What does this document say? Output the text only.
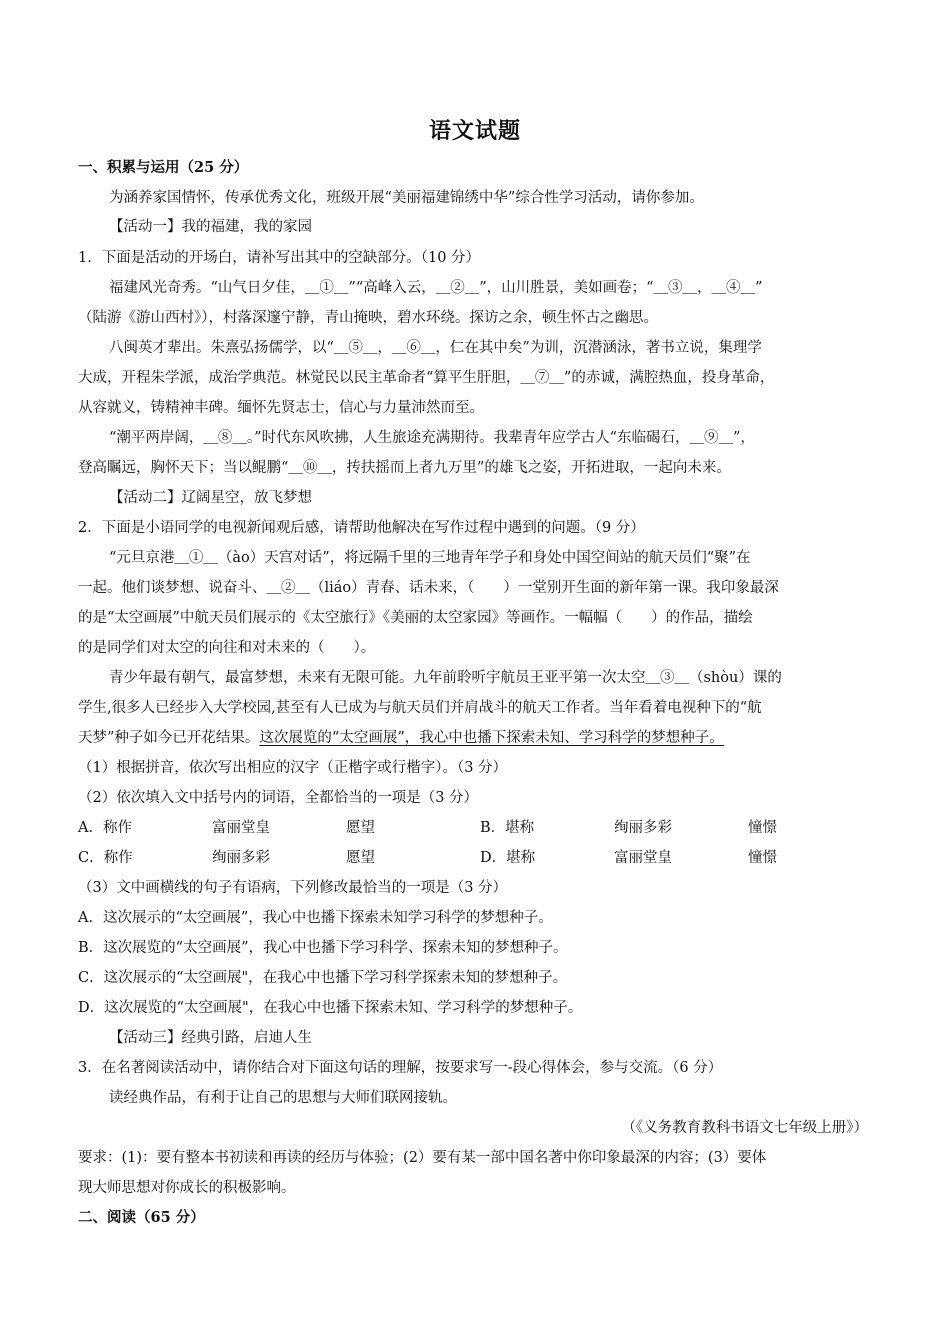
语文试题
一、积累与运用（25 分）
为涵养家国情怀，传承优秀文化，班级开展“美丽福建锦绣中华”综合性学习活动，请你参加。
【活动一】我的福建，我的家园
1．下面是活动的开场白，请补写出其中的空缺部分。（10 分）
福建风光奇秀。“山气日夕佳，＿①＿”“高峰入云，＿②＿”，山川胜景，美如画卷；“＿③＿，＿④＿”
（陆游《游山西村》），村落深邃宁静，青山掩映，碧水环绕。探访之余，顿生怀古之幽思。
八闽英才辈出。朱熹弘扬儒学，以“＿⑤＿，＿⑥＿，仁在其中矣”为训，沉潜涵泳，著书立说，集理学
大成，开程朱学派，成治学典范。林觉民以民主革命者“算平生肝胆，＿⑦＿”的赤诚，满腔热血，投身革命，
从容就义，铸精神丰碑。缅怀先贤志士，信心与力量沛然而至。
“潮平两岸阔，＿⑧＿。”时代东风吹拂，人生旅途充满期待。我辈青年应学古人“东临碣石，＿⑨＿”，
登高瞩远，胸怀天下；当以鲲鹏“＿⑩＿，抟扶摇而上者九万里”的雄飞之姿，开拓进取，一起向未来。
【活动二】辽阔星空，放飞梦想
2．下面是小语同学的电视新闻观后感，请帮助他解决在写作过程中遇到的问题。（9 分）
“元旦京港＿①＿（ào）天宫对话”，将远隔千里的三地青年学子和身处中国空间站的航天员们“聚”在
一起。他们谈梦想、说奋斗、＿②＿（liáo）青春、话未来，（　　）一堂别开生面的新年第一课。我印象最深
的是“太空画展”中航天员们展示的《太空旅行》《美丽的太空家园》等画作。一幅幅（　　）的作品，描绘
的是同学们对太空的向往和对未来的（　　）。
青少年最有朝气，最富梦想，未来有无限可能。九年前聆听宇航员王亚平第一次太空＿③＿（shòu）课的
学生,很多人已经步入大学校园,甚至有人已成为与航天员们并肩战斗的航天工作者。当年看着电视种下的“航
天梦”种子如今已开花结果。这次展览的“太空画展”，我心中也播下探索未知、学习科学的梦想种子。
（1）根据拼音，依次写出相应的汉字（正楷字或行楷字）。（3 分）
（2）依次填入文中括号内的词语，全都恰当的一项是（3 分）
A．称作	富丽堂皇	愿望	B．堪称	绚丽多彩	憧憬
C．称作	绚丽多彩	愿望	D．堪称	富丽堂皇	憧憬
（3）文中画横线的句子有语病，下列修改最恰当的一项是（3 分）
A．这次展示的“太空画展”，我心中也播下探索未知学习科学的梦想种子。
B．这次展览的“太空画展”，我心中也播下学习科学、探索未知的梦想种子。
C．这次展示的“太空画展"，在我心中也播下学习科学探索未知的梦想种子。
D．这次展览的“太空画展"，在我心中也播下探索未知、学习科学的梦想种子。
【活动三】经典引路，启迪人生
3．在名著阅读活动中，请你结合对下面这句话的理解，按要求写一-段心得体会，参与交流。（6 分）
读经典作品，有利于让自己的思想与大师们联网接轨。
（《义务教育教科书语文七年级上册》）
要求：(1)：要有整本书初读和再读的经历与体验；(2）要有某一部中国名著中你印象最深的内容；(3）要体
现大师思想对你成长的积极影响。
二、阅读（65 分）
